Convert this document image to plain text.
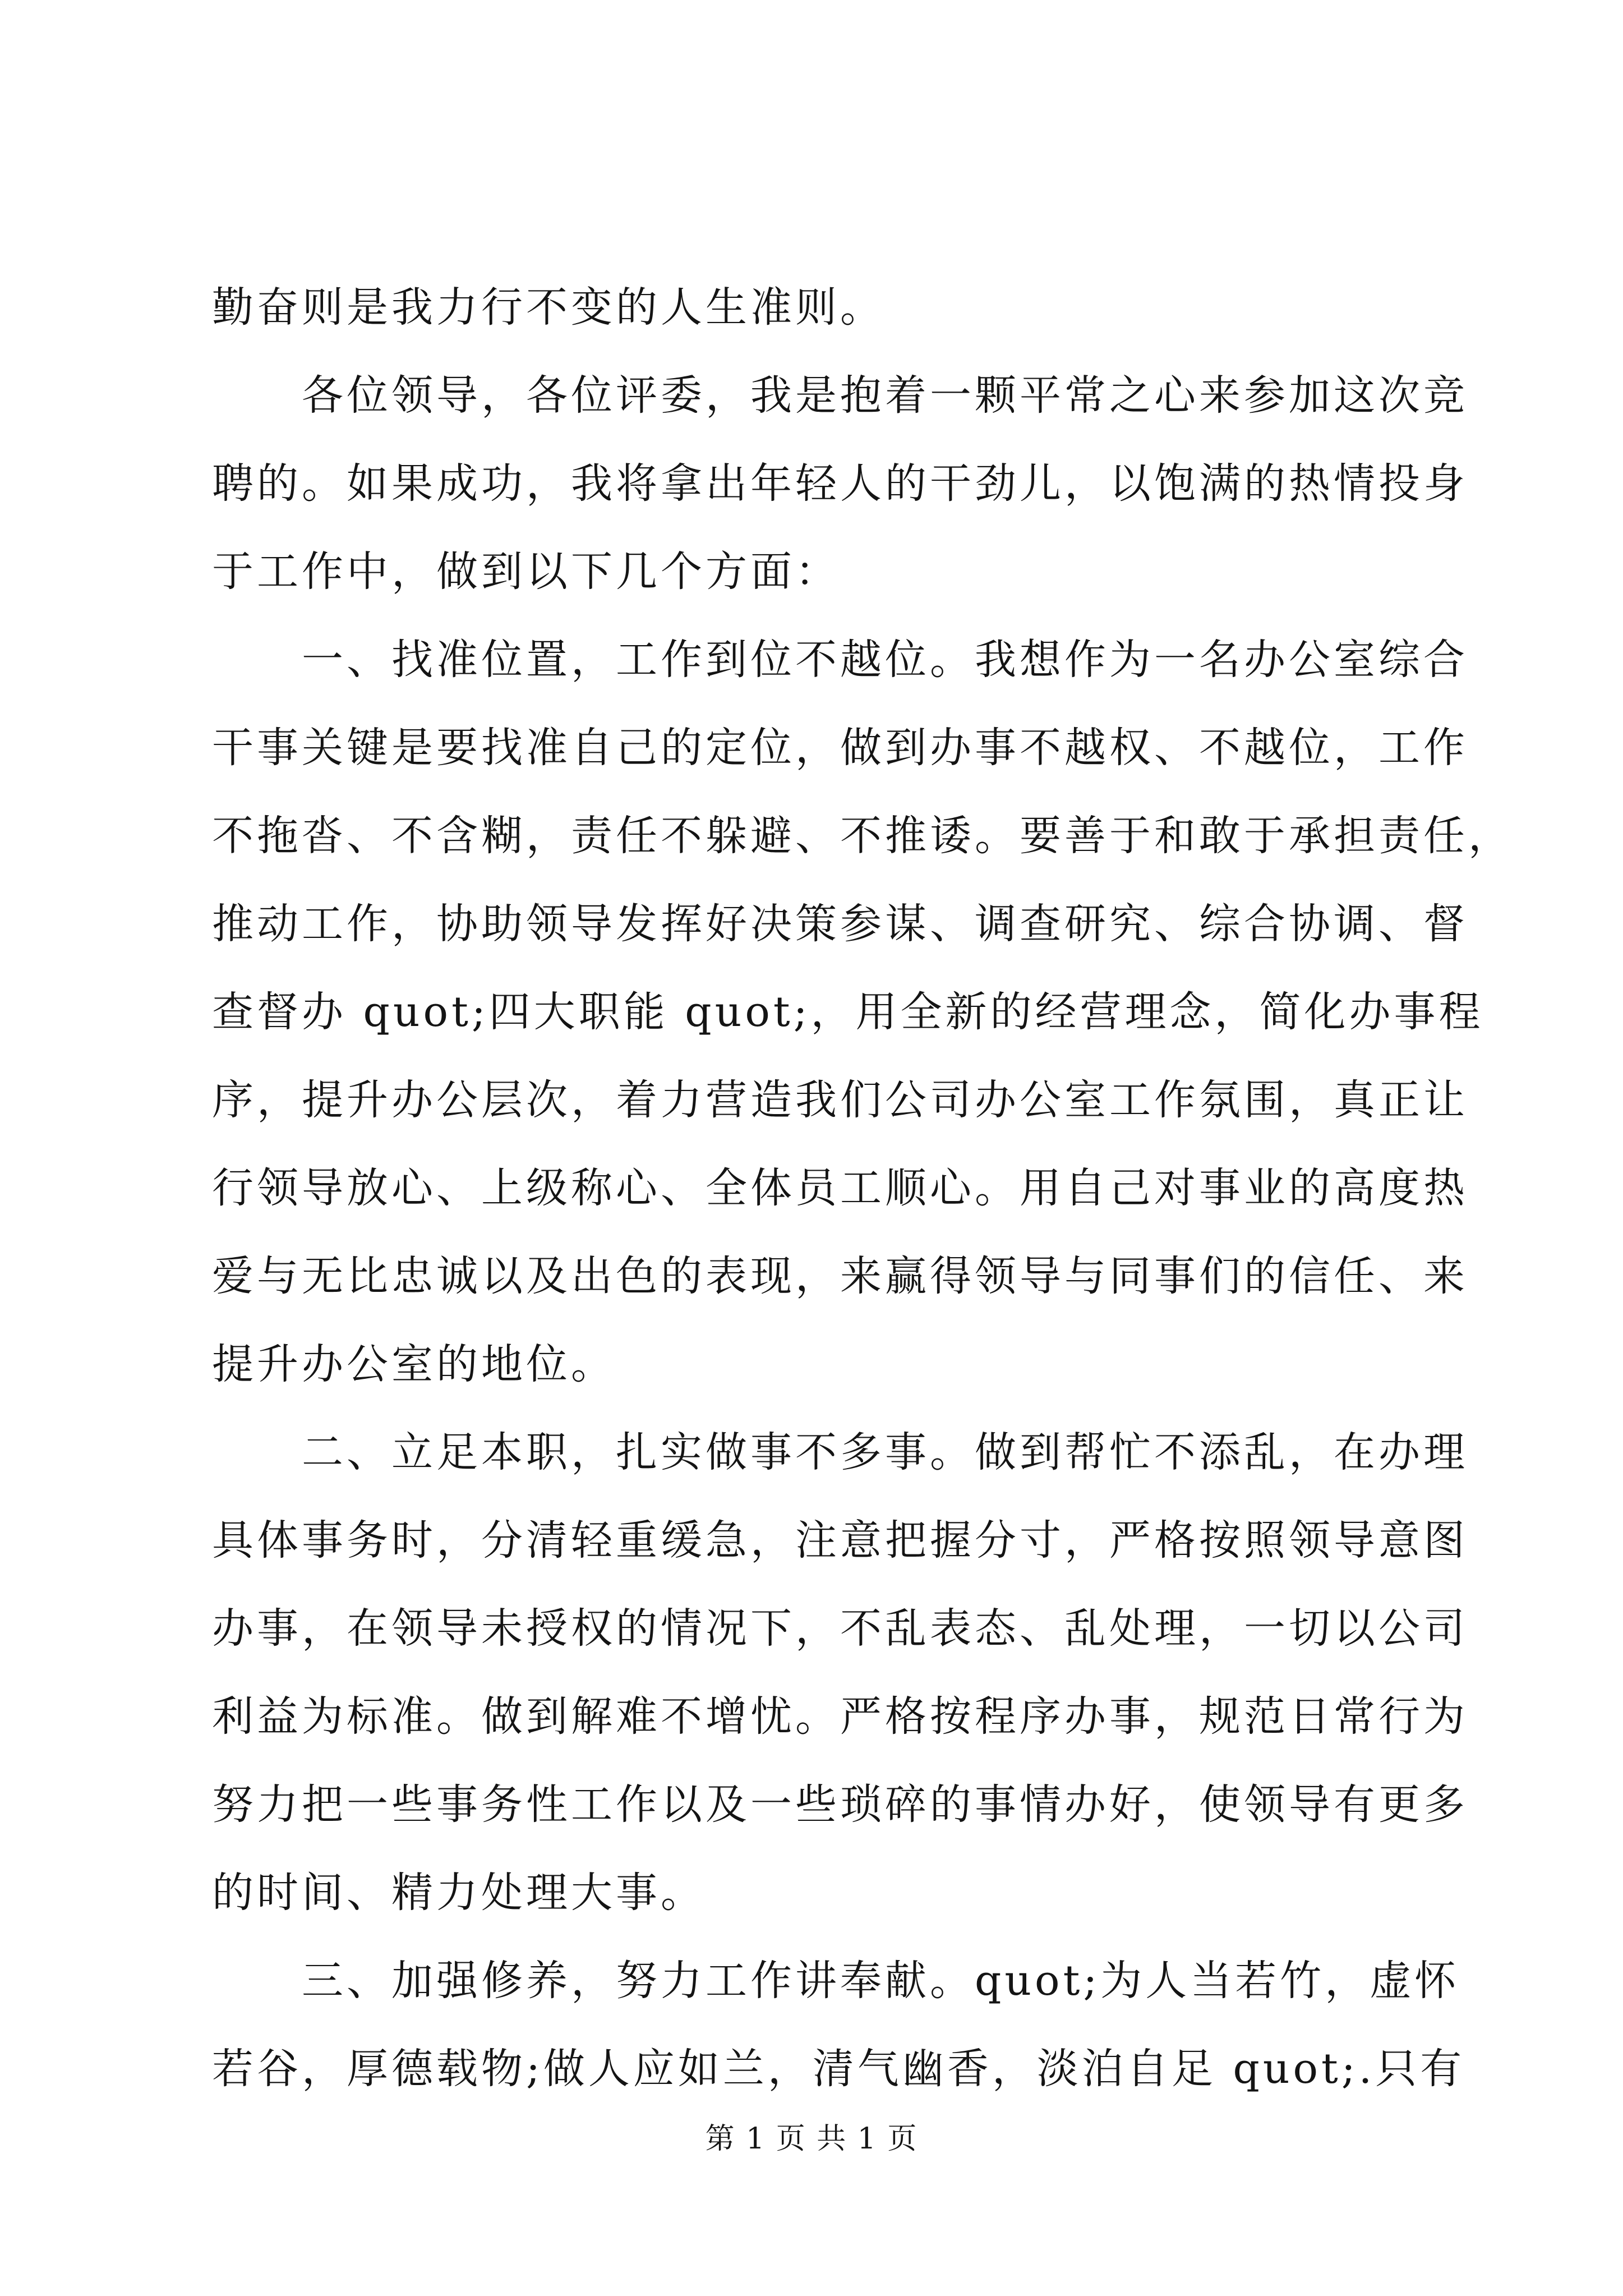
勤奋则是我力行不变的人生准则。
　　各位领导，各位评委，我是抱着一颗平常之心来参加这次竞
聘的。如果成功，我将拿出年轻人的干劲儿，以饱满的热情投身
于工作中，做到以下几个方面：
　　一、找准位置，工作到位不越位。我想作为一名办公室综合
干事关键是要找准自己的定位，做到办事不越权、不越位，工作
不拖沓、不含糊，责任不躲避、不推诿。要善于和敢于承担责任，
推动工作，协助领导发挥好决策参谋、调查研究、综合协调、督
查督办 quot;四大职能 quot;，用全新的经营理念，简化办事程
序，提升办公层次，着力营造我们公司办公室工作氛围，真正让
行领导放心、上级称心、全体员工顺心。用自己对事业的高度热
爱与无比忠诚以及出色的表现，来赢得领导与同事们的信任、来
提升办公室的地位。
　　二、立足本职，扎实做事不多事。做到帮忙不添乱，在办理
具体事务时，分清轻重缓急，注意把握分寸，严格按照领导意图
办事，在领导未授权的情况下，不乱表态、乱处理，一切以公司
利益为标准。做到解难不增忧。严格按程序办事，规范日常行为
努力把一些事务性工作以及一些琐碎的事情办好，使领导有更多
的时间、精力处理大事。
　　三、加强修养，努力工作讲奉献。quot;为人当若竹，虚怀
若谷，厚德载物;做人应如兰，清气幽香，淡泊自足 quot;.只有
第 1 页 共 1 页
